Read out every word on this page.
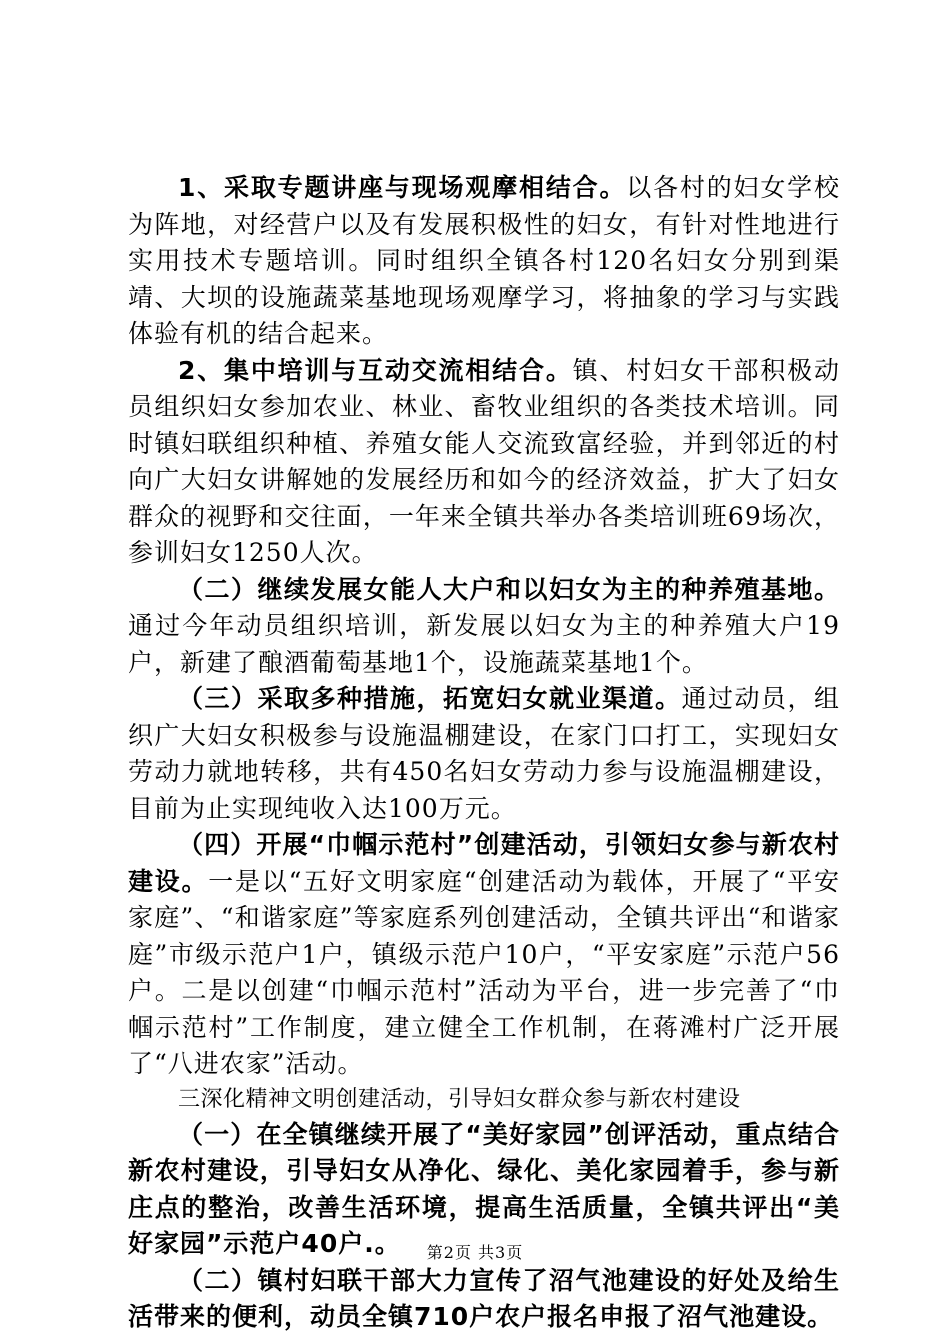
1、采取专题讲座与现场观摩相结合。以各村的妇女学校为阵地，对经营户以及有发展积极性的妇女，有针对性地进行实用技术专题培训。同时组织全镇各村120名妇女分别到渠靖、大坝的设施蔬菜基地现场观摩学习，将抽象的学习与实践体验有机的结合起来。

2、集中培训与互动交流相结合。镇、村妇女干部积极动员组织妇女参加农业、林业、畜牧业组织的各类技术培训。同时镇妇联组织种植、养殖女能人交流致富经验，并到邻近的村向广大妇女讲解她的发展经历和如今的经济效益，扩大了妇女群众的视野和交往面，一年来全镇共举办各类培训班69场次，参训妇女1250人次。

（二）继续发展女能人大户和以妇女为主的种养殖基地。通过今年动员组织培训，新发展以妇女为主的种养殖大户19户，新建了酿酒葡萄基地1个，设施蔬菜基地1个。

（三）采取多种措施，拓宽妇女就业渠道。通过动员，组织广大妇女积极参与设施温棚建设，在家门口打工，实现妇女劳动力就地转移，共有450名妇女劳动力参与设施温棚建设，目前为止实现纯收入达100万元。

（四）开展“巾帼示范村”创建活动，引领妇女参与新农村建设。一是以“五好文明家庭“创建活动为载体，开展了“平安家庭”、“和谐家庭”等家庭系列创建活动，全镇共评出“和谐家庭”市级示范户1户，镇级示范户10户，“平安家庭”示范户56户。二是以创建“巾帼示范村”活动为平台，进一步完善了“巾帼示范村”工作制度，建立健全工作机制，在蒋滩村广泛开展了“八进农家”活动。

三深化精神文明创建活动，引导妇女群众参与新农村建设

（一）在全镇继续开展了“美好家园”创评活动，重点结合新农村建设，引导妇女从净化、绿化、美化家园着手，参与新庄点的整治，改善生活环境，提高生活质量，全镇共评出“美好家园”示范户40户.。

（二）镇村妇联干部大力宣传了沼气池建设的好处及给生活带来的便利，动员全镇710户农户报名申报了沼气池建设。

第2页 共3页
